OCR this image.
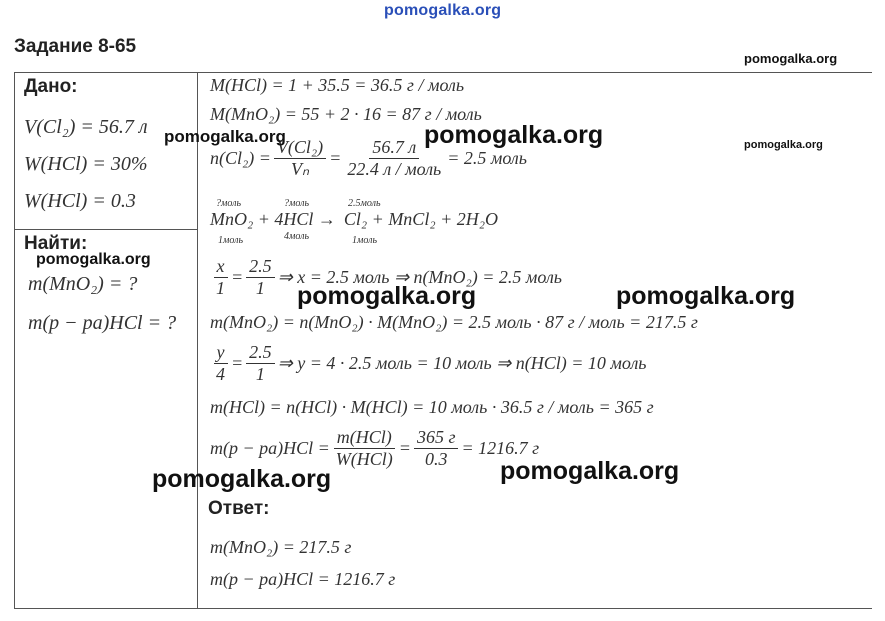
pomogalka.org
Задание 8-65
Дано:
V(Cl₂) = 56.7 л
W(HCl) = 30%
W(HCl) = 0.3
Найти:
m(MnO₂) = ?
m(p − pa)HCl = ?
M(HCl) = 1 + 35.5 = 36.5 г / моль
M(MnO₂) = 55 + 2 · 16 = 87 г / моль
$n(Cl_2) = \frac{\text{V(Cl₂)}}{\text{Vₙ}} = \frac{56.7 л}{\text{22.4 л / моль}} = 2.5$ моль
?моль	?моль	2.5моль
MnO₂ + 4HCl → Cl₂ + MnCl₂ + 2H₂O
1моль	4моль	1моль
$\frac{x}{1} = \frac{2.5}{1}$ ⇒ x = 2.5 моль ⇒ n(MnO₂) = 2.5 моль
m(MnO₂) = n(MnO₂) · M(MnO₂) = 2.5 моль · 87 г / моль = 217.5 г
$\frac{y}{4} = \frac{2.5}{1}$ ⇒ y = 4 · 2.5 моль = 10 моль ⇒ n(HCl) = 10 моль
m(HCl) = n(HCl) · M(HCl) = 10 моль · 36.5 г / моль = 365 г
$m(p - pa)HCl = \frac{\text{m(HCl)}}{\text{W(HCl)}} = \frac{365 г}{0.3} = 1216.7$ г
Ответ:
m(MnO₂) = 217.5 г
m(p − pa)HCl = 1216.7 г
pomogalka.org
pomogalka.org	pomogalka.org	pomogalka.org
pomogalka.org
pomogalka.org	pomogalka.org
pomogalka.org
pomogalka.org
